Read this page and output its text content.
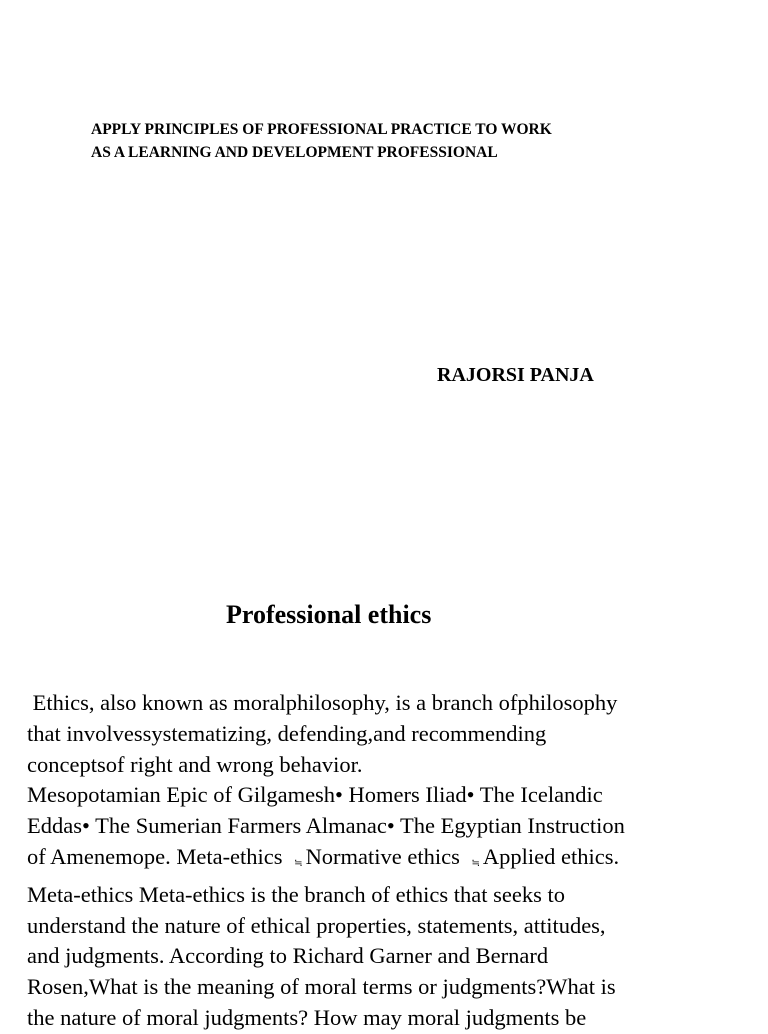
APPLY PRINCIPLES OF PROFESSIONAL PRACTICE TO WORK
AS A LEARNING AND DEVELOPMENT PROFESSIONAL

RAJORSI PANJA

Professional ethics
Ethics, also known as moralphilosophy, is a branch ofphilosophy
that involvessystematizing, defending,and recommending
conceptsof right and wrong behavior.
Mesopotamian Epic of Gilgamesh• Homers Iliad• The Icelandic
Eddas• The Sumerian Farmers Almanac• The Egyptian Instruction
of Amenemope. Meta-ethics ≒ Normative ethics ≒ Applied ethics.
Meta-ethics Meta-ethics is the branch of ethics that seeks to
understand the nature of ethical properties, statements, attitudes,
and judgments. According to Richard Garner and Bernard
Rosen,What is the meaning of moral terms or judgments?What is
the nature of moral judgments? How may moral judgments be
